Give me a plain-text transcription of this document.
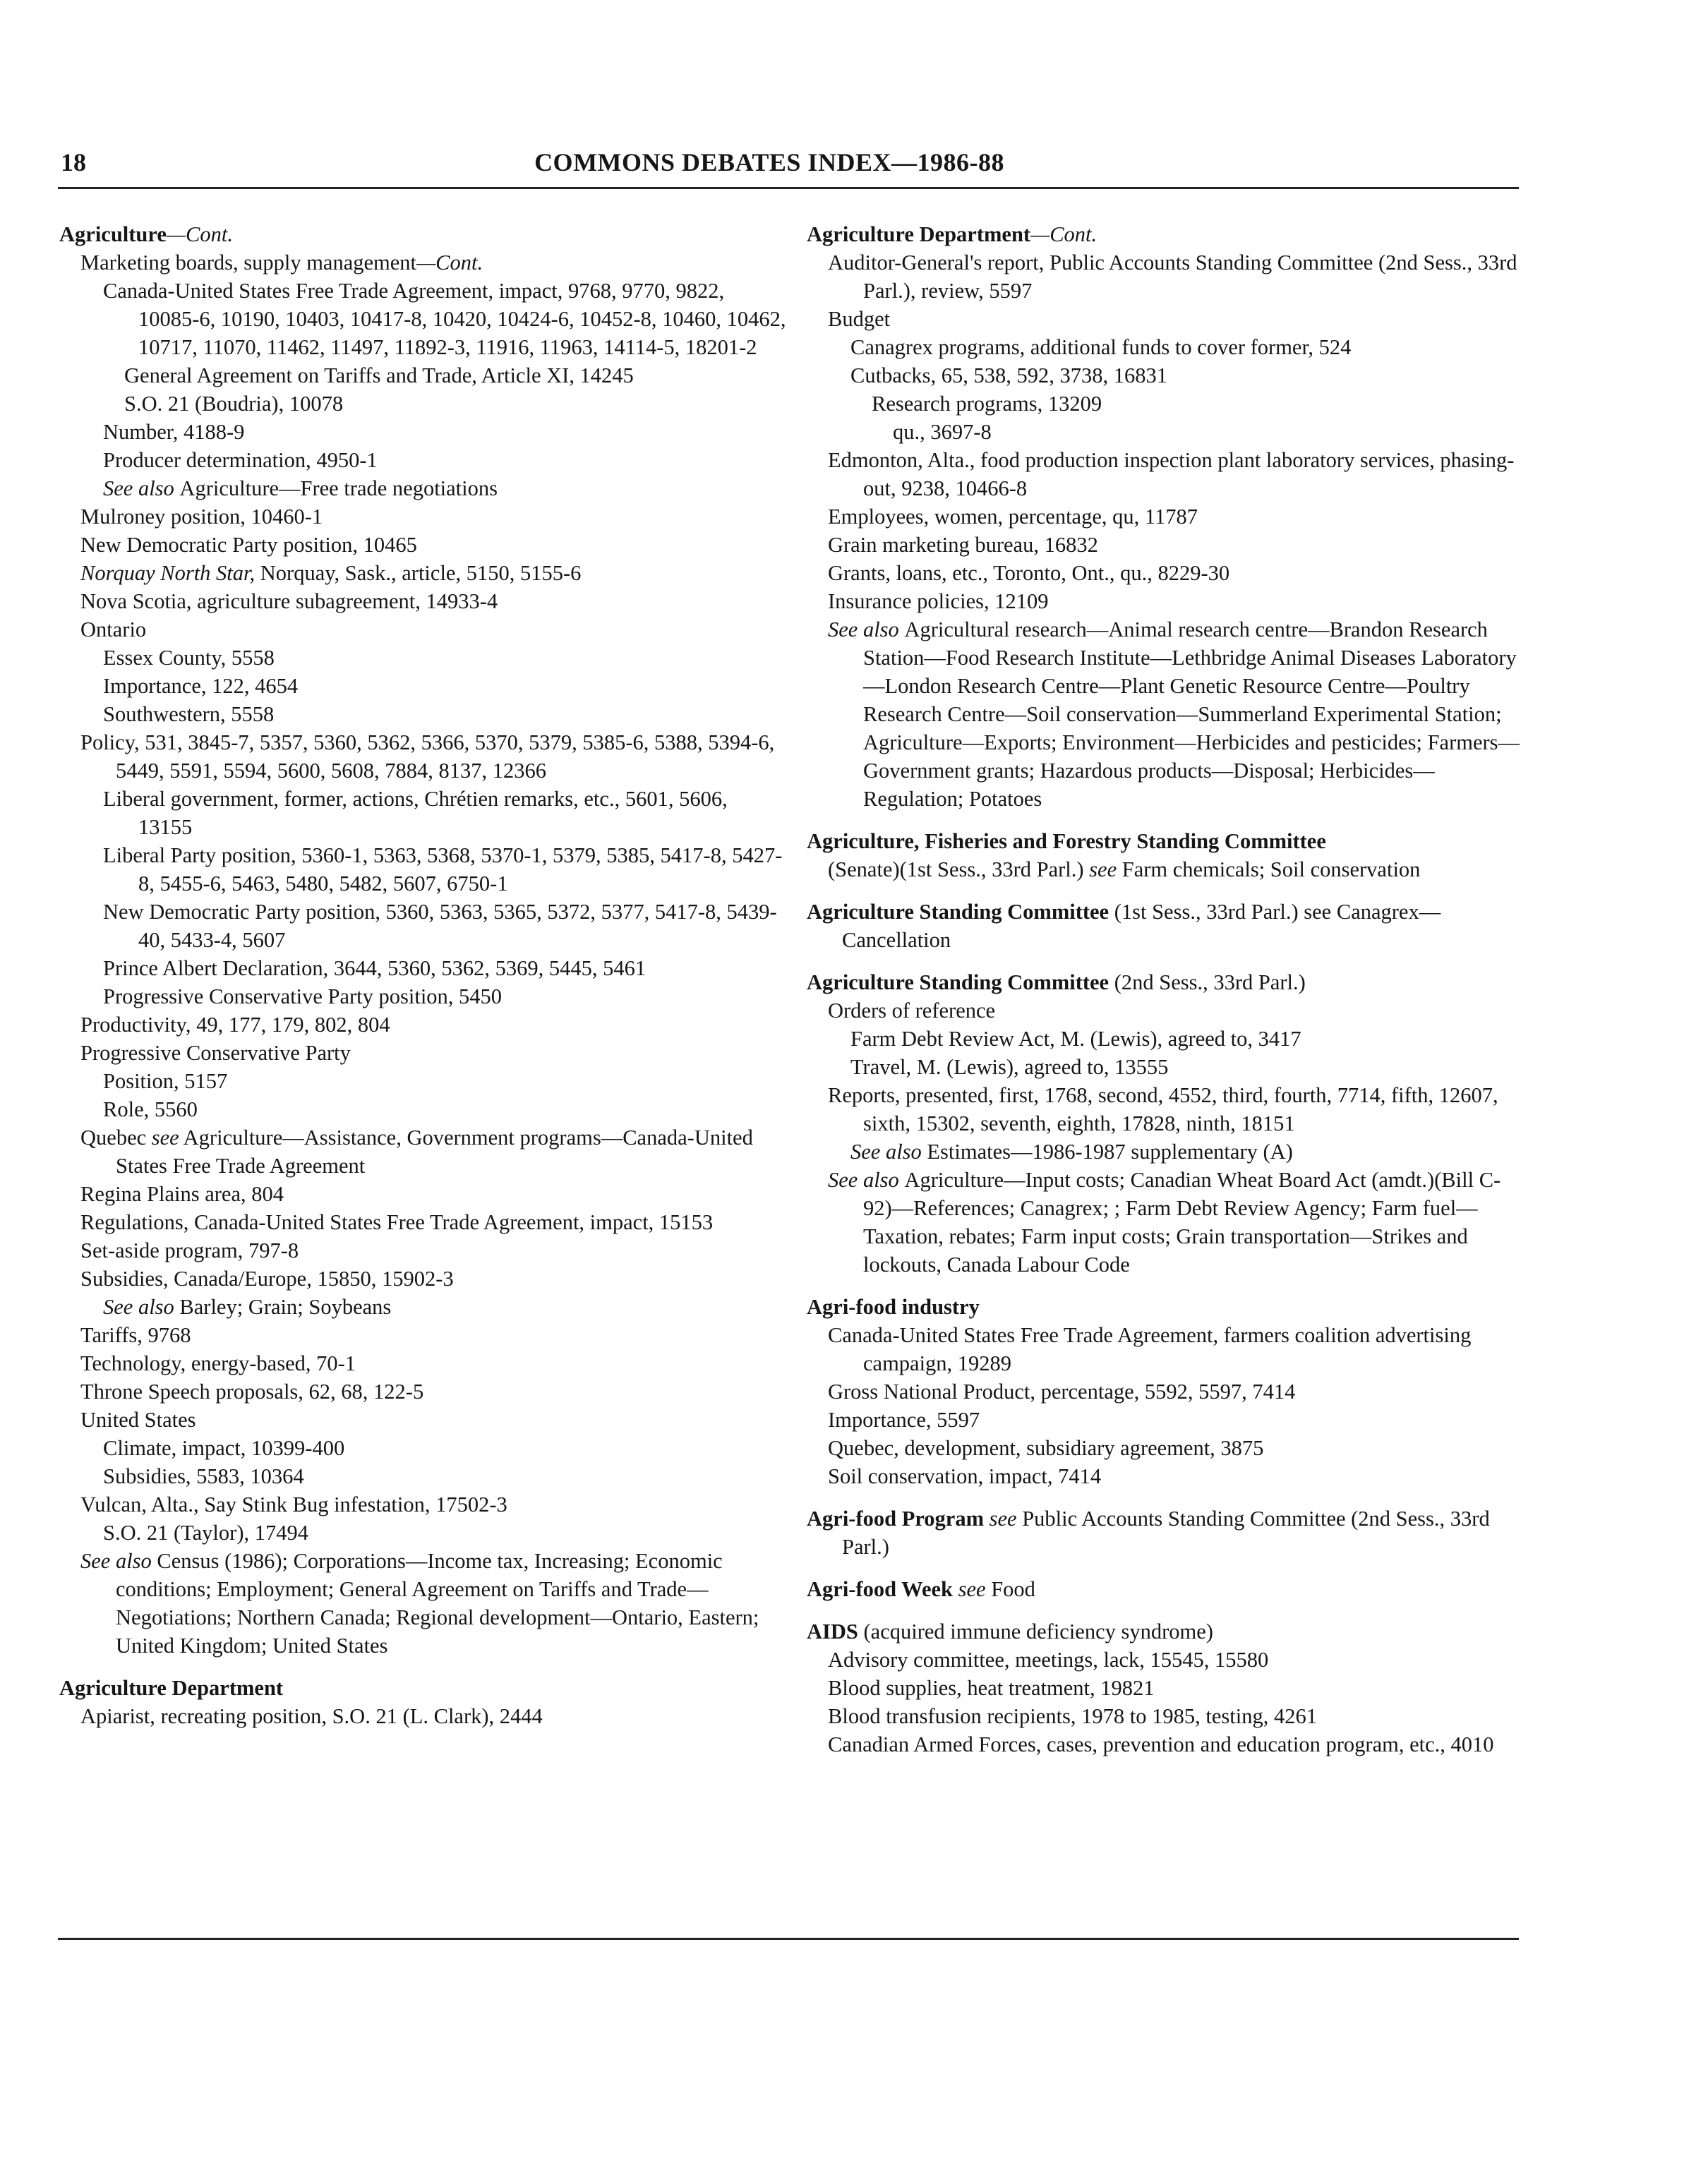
18	COMMONS DEBATES INDEX—1986-88
Agriculture—Cont.
Marketing boards, supply management—Cont.
Canada-United States Free Trade Agreement, impact, 9768, 9770, 9822, 10085-6, 10190, 10403, 10417-8, 10420, 10424-6, 10452-8, 10460, 10462, 10717, 11070, 11462, 11497, 11892-3, 11916, 11963, 14114-5, 18201-2
General Agreement on Tariffs and Trade, Article XI, 14245
S.O. 21 (Boudria), 10078
Number, 4188-9
Producer determination, 4950-1
See also Agriculture—Free trade negotiations
Mulroney position, 10460-1
New Democratic Party position, 10465
Norquay North Star, Norquay, Sask., article, 5150, 5155-6
Nova Scotia, agriculture subagreement, 14933-4
Ontario
Essex County, 5558
Importance, 122, 4654
Southwestern, 5558
Policy, 531, 3845-7, 5357, 5360, 5362, 5366, 5370, 5379, 5385-6, 5388, 5394-6, 5449, 5591, 5594, 5600, 5608, 7884, 8137, 12366
Liberal government, former, actions, Chrétien remarks, etc., 5601, 5606, 13155
Liberal Party position, 5360-1, 5363, 5368, 5370-1, 5379, 5385, 5417-8, 5427-8, 5455-6, 5463, 5480, 5482, 5607, 6750-1
New Democratic Party position, 5360, 5363, 5365, 5372, 5377, 5417-8, 5439-40, 5433-4, 5607
Prince Albert Declaration, 3644, 5360, 5362, 5369, 5445, 5461
Progressive Conservative Party position, 5450
Productivity, 49, 177, 179, 802, 804
Progressive Conservative Party
Position, 5157
Role, 5560
Quebec see Agriculture—Assistance, Government programs—Canada-United States Free Trade Agreement
Regina Plains area, 804
Regulations, Canada-United States Free Trade Agreement, impact, 15153
Set-aside program, 797-8
Subsidies, Canada/Europe, 15850, 15902-3
See also Barley; Grain; Soybeans
Tariffs, 9768
Technology, energy-based, 70-1
Throne Speech proposals, 62, 68, 122-5
United States
Climate, impact, 10399-400
Subsidies, 5583, 10364
Vulcan, Alta., Say Stink Bug infestation, 17502-3
S.O. 21 (Taylor), 17494
See also Census (1986); Corporations—Income tax, Increasing; Economic conditions; Employment; General Agreement on Tariffs and Trade—Negotiations; Northern Canada; Regional development—Ontario, Eastern; United Kingdom; United States
Agriculture Department
Apiarist, recreating position, S.O. 21 (L. Clark), 2444
Agriculture Department—Cont.
Auditor-General's report, Public Accounts Standing Committee (2nd Sess., 33rd Parl.), review, 5597
Budget
Canagrex programs, additional funds to cover former, 524
Cutbacks, 65, 538, 592, 3738, 16831
Research programs, 13209
qu., 3697-8
Edmonton, Alta., food production inspection plant laboratory services, phasing-out, 9238, 10466-8
Employees, women, percentage, qu, 11787
Grain marketing bureau, 16832
Grants, loans, etc., Toronto, Ont., qu., 8229-30
Insurance policies, 12109
See also Agricultural research—Animal research centre—Brandon Research Station—Food Research Institute—Lethbridge Animal Diseases Laboratory—London Research Centre—Plant Genetic Resource Centre—Poultry Research Centre—Soil conservation—Summerland Experimental Station; Agriculture—Exports; Environment—Herbicides and pesticides; Farmers—Government grants; Hazardous products—Disposal; Herbicides—Regulation; Potatoes
Agriculture, Fisheries and Forestry Standing Committee
(Senate)(1st Sess., 33rd Parl.) see Farm chemicals; Soil conservation
Agriculture Standing Committee (1st Sess., 33rd Parl.) see Canagrex—Cancellation
Agriculture Standing Committee (2nd Sess., 33rd Parl.)
Orders of reference
Farm Debt Review Act, M. (Lewis), agreed to, 3417
Travel, M. (Lewis), agreed to, 13555
Reports, presented, first, 1768, second, 4552, third, fourth, 7714, fifth, 12607, sixth, 15302, seventh, eighth, 17828, ninth, 18151
See also Estimates—1986-1987 supplementary (A)
See also Agriculture—Input costs; Canadian Wheat Board Act (amdt.)(Bill C-92)—References; Canagrex; ; Farm Debt Review Agency; Farm fuel—Taxation, rebates; Farm input costs; Grain transportation—Strikes and lockouts, Canada Labour Code
Agri-food industry
Canada-United States Free Trade Agreement, farmers coalition advertising campaign, 19289
Gross National Product, percentage, 5592, 5597, 7414
Importance, 5597
Quebec, development, subsidiary agreement, 3875
Soil conservation, impact, 7414
Agri-food Program see Public Accounts Standing Committee (2nd Sess., 33rd Parl.)
Agri-food Week see Food
AIDS (acquired immune deficiency syndrome)
Advisory committee, meetings, lack, 15545, 15580
Blood supplies, heat treatment, 19821
Blood transfusion recipients, 1978 to 1985, testing, 4261
Canadian Armed Forces, cases, prevention and education program, etc., 4010
